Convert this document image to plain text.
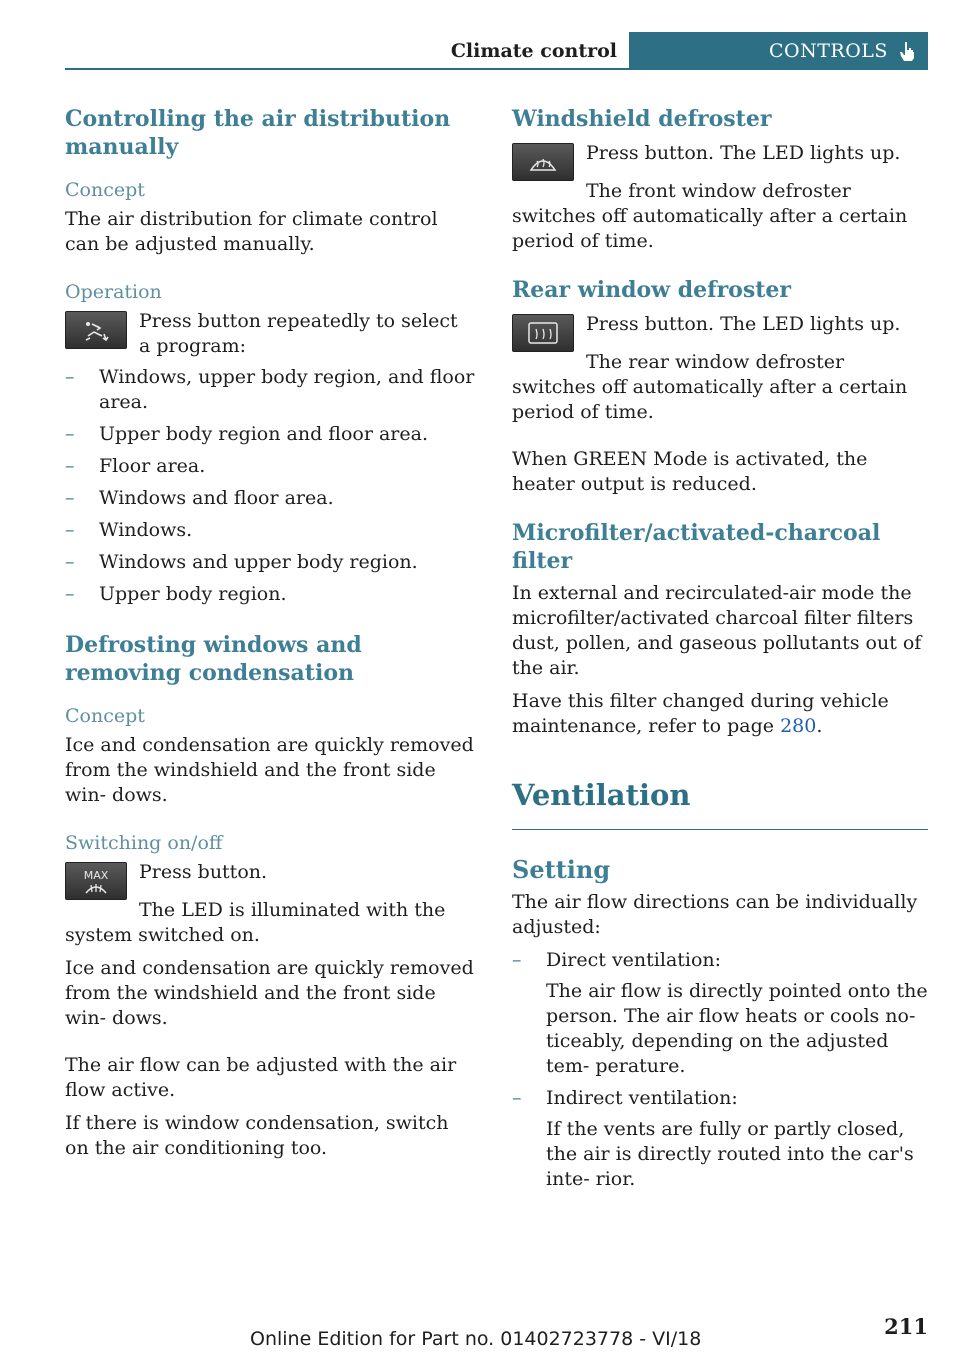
Climate control	CONTROLS
Controlling the air distribution manually
Concept

The air distribution for climate control can be adjusted manually.

Operation

Press button repeatedly to select a program:

– Windows, upper body region, and floor area.
– Upper body region and floor area.
– Floor area.
– Windows and floor area.
– Windows.
– Windows and upper body region.
– Upper body region.
Defrosting windows and removing condensation
Concept

Ice and condensation are quickly removed from the windshield and the front side win‐ dows.

Switching on/off
MAX Press button.

The LED is illuminated with the system switched on.

Ice and condensation are quickly removed from the windshield and the front side win‐ dows.

The air flow can be adjusted with the air flow active.

If there is window condensation, switch on the air conditioning too.

Windshield defroster

Press button. The LED lights up.

The front window defroster switches off automatically after a certain period of time.

Rear window defroster

Press button. The LED lights up.

The rear window defroster switches off automatically after a certain period of time.

When GREEN Mode is activated, the heater output is reduced.

Microfilter/activated-charcoal filter

In external and recirculated-air mode the microfilter/activated charcoal filter filters dust, pollen, and gaseous pollutants out of the air.

Have this filter changed during vehicle maintenance, refer to page 280.

Ventilation
Setting

The air flow directions can be individually adjusted:

– Direct ventilation:

The air flow is directly pointed onto the person. The air flow heats or cools no‐ ticeably, depending on the adjusted tem‐ perature.

– Indirect ventilation:

If the vents are fully or partly closed, the air is directly routed into the car's inte‐ rior.

211
Online Edition for Part no. 01402723778 - VI/18
